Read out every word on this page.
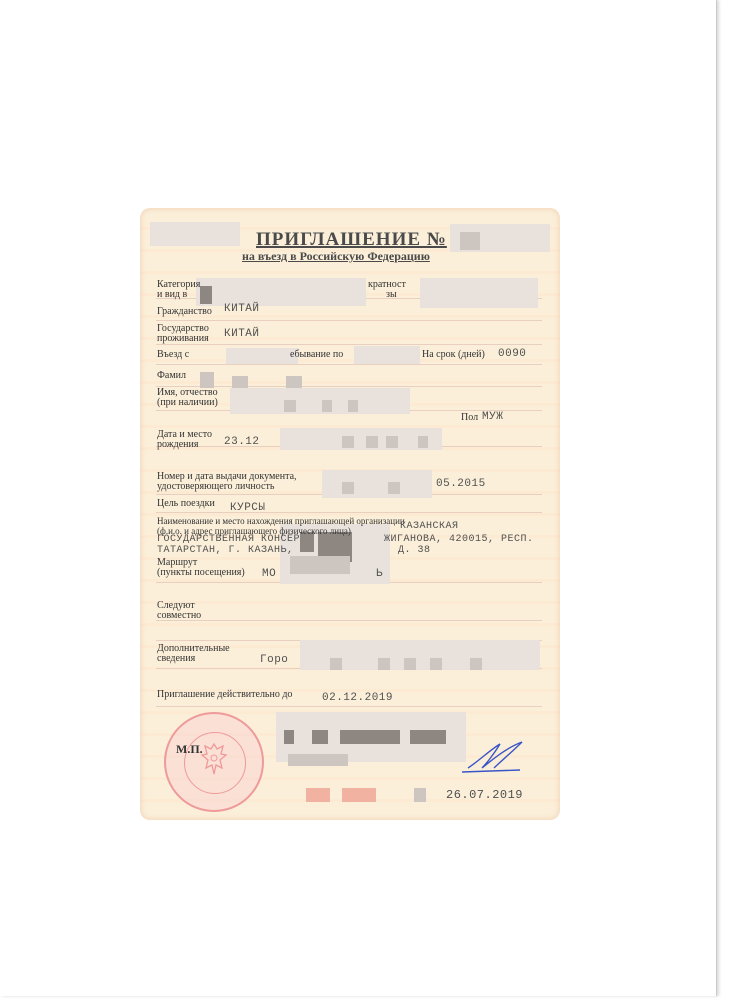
ПРИГЛАШЕНИЕ №
на въезд в Российскую Федерацию
Категория
и вид в
кратност
зы
Гражданство КИТАЙ
Государство
проживания КИТАЙ
Въезд с	ебывание по	На срок (дней) 0090
Фамил
Имя, отчество
(при наличии)
Пол МУЖ
Дата и место
рождения 23.12
Номер и дата выдачи документа,
удостоверяющего личность	05.2015
Цель поездки КУРСЫ
Наименование и место нахождения приглашающей организации
(ф.и.о. и адрес приглашающего физического лица)	КАЗАНСКАЯ
ГОСУДАРСТВЕННАЯ КОНСЕР	ЖИГАНОВА, 420015, РЕСП.
ТАТАРСТАН, Г. КАЗАНЬ,	Д. 38
Маршрут
(пункты посещения) МО	Ь
Следуют
совместно
Дополнительные
сведения	Горо
Приглашение действительно до	02.12.2019
М.П.
26.07.2019
